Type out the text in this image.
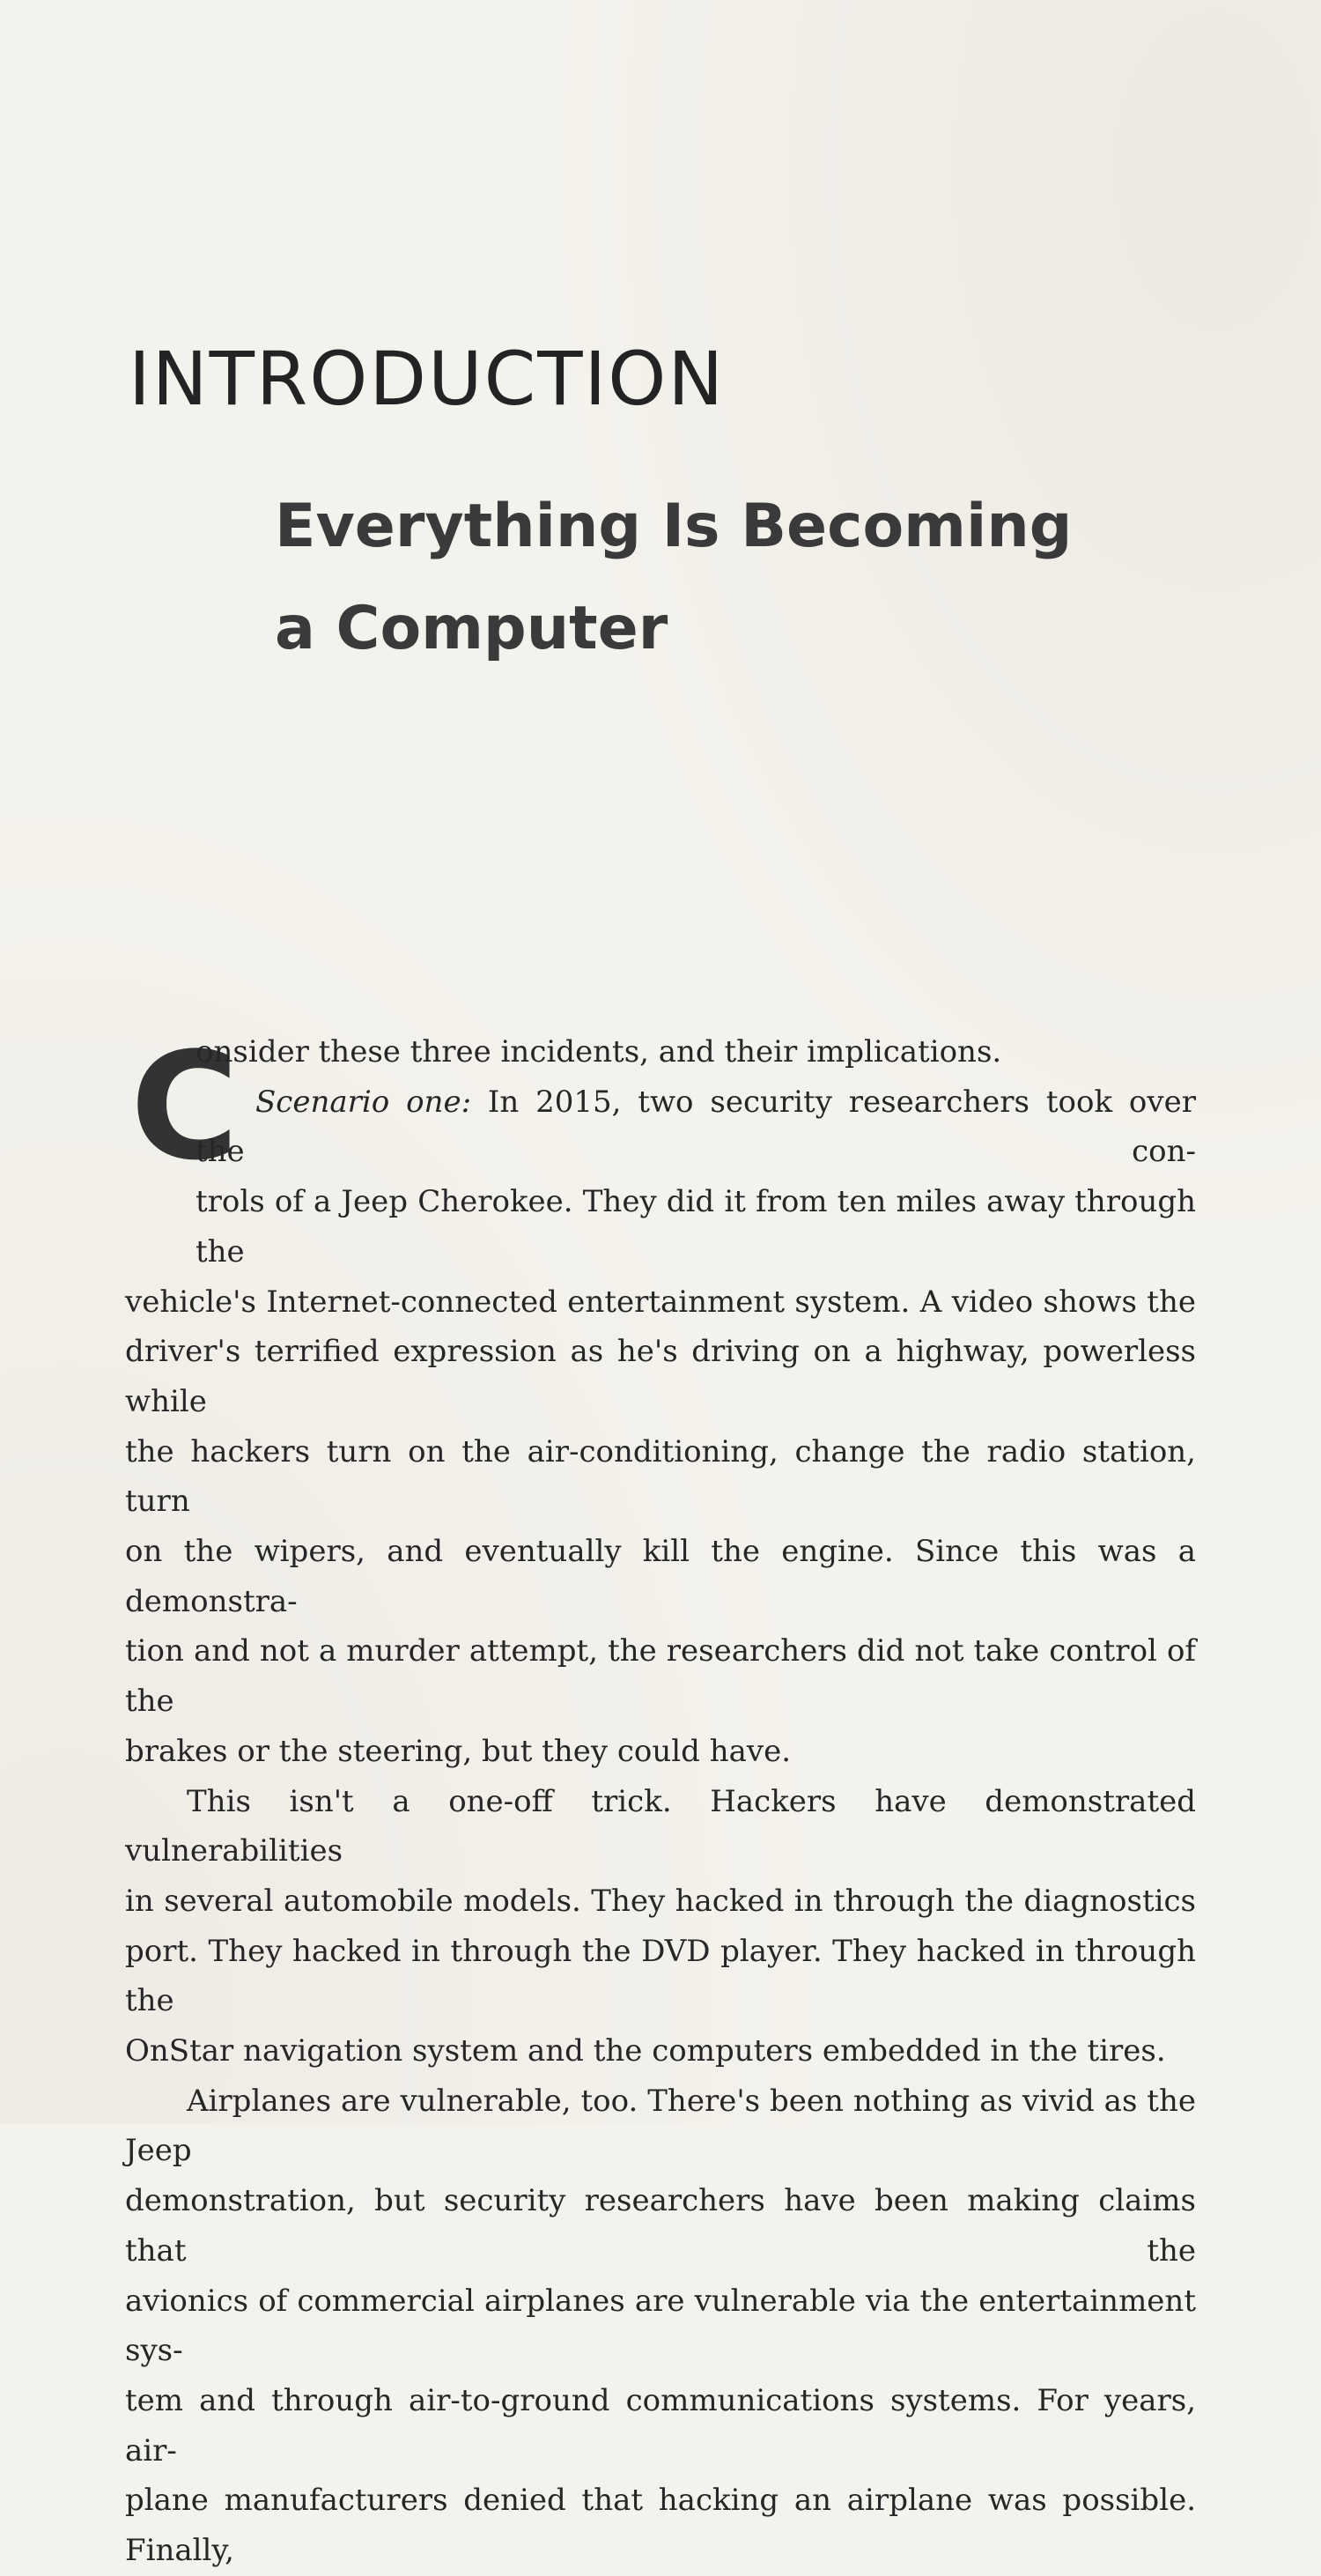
INTRODUCTION
Everything Is Becoming
a Computer
C

onsider these three incidents, and their implications.

Scenario one: In 2015, two security researchers took over the con-

trols of a Jeep Cherokee. They did it from ten miles away through the

vehicle's Internet-connected entertainment system. A video shows the

driver's terrified expression as he's driving on a highway, powerless while

the hackers turn on the air-conditioning, change the radio station, turn

on the wipers, and eventually kill the engine. Since this was a demonstra-

tion and not a murder attempt, the researchers did not take control of the

brakes or the steering, but they could have.

This isn't a one-off trick. Hackers have demonstrated vulnerabilities

in several automobile models. They hacked in through the diagnostics

port. They hacked in through the DVD player. They hacked in through the

OnStar navigation system and the computers embedded in the tires.

Airplanes are vulnerable, too. There's been nothing as vivid as the Jeep

demonstration, but security researchers have been making claims that the

avionics of commercial airplanes are vulnerable via the entertainment sys-

tem and through air-to-ground communications systems. For years, air-

plane manufacturers denied that hacking an airplane was possible. Finally,
